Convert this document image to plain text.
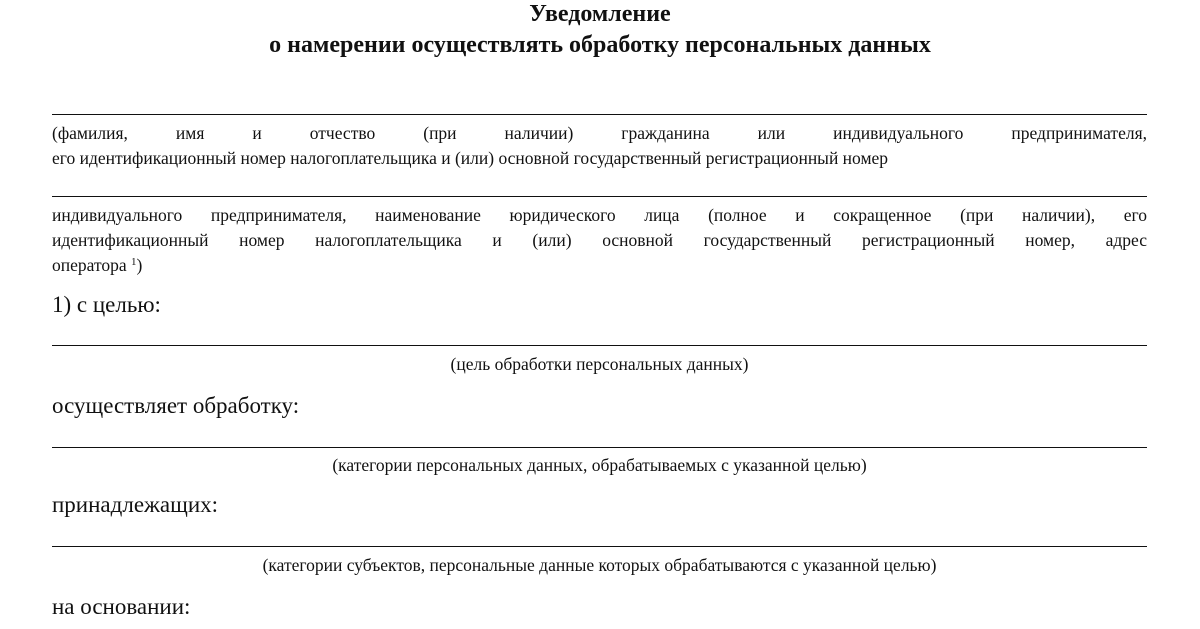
Уведомление
о намерении осуществлять обработку персональных данных
(фамилия, имя и отчество (при наличии) гражданина или индивидуального предпринимателя,
его идентификационный номер налогоплательщика и (или) основной государственный регистрационный номер
индивидуального предпринимателя, наименование юридического лица (полное и сокращенное (при наличии), его
идентификационный номер налогоплательщика и (или) основной государственный регистрационный номер, адрес
оператора $^1$)
1) с целью:
(цель обработки персональных данных)
осуществляет обработку:
(категории персональных данных, обрабатываемых с указанной целью)
принадлежащих:
(категории субъектов, персональные данные которых обрабатываются с указанной целью)
на основании:
